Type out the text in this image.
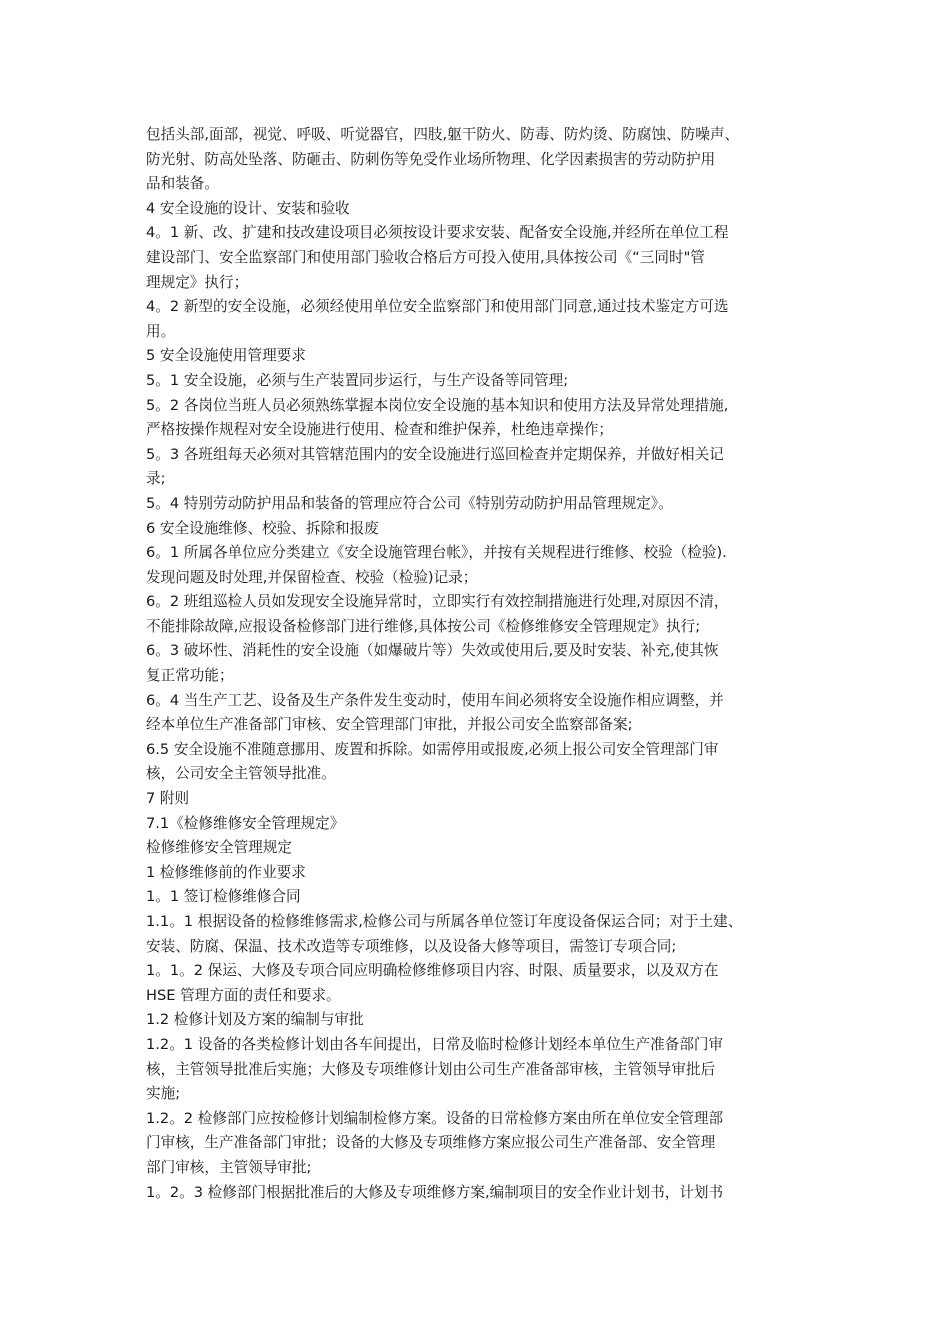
包括头部,面部，视觉、呼吸、听觉器官，四肢,躯干防火、防毒、防灼烫、防腐蚀、防噪声、
防光射、防高处坠落、防砸击、防刺伤等免受作业场所物理、化学因素损害的劳动防护用
品和装备。
4 安全设施的设计、安装和验收
4。1 新、改、扩建和技改建设项目必须按设计要求安装、配备安全设施,并经所在单位工程
建设部门、安全监察部门和使用部门验收合格后方可投入使用,具体按公司《“三同时"管
理规定》执行；
4。2 新型的安全设施，必须经使用单位安全监察部门和使用部门同意,通过技术鉴定方可选
用。
5 安全设施使用管理要求
5。1 安全设施，必须与生产装置同步运行，与生产设备等同管理;
5。2 各岗位当班人员必须熟练掌握本岗位安全设施的基本知识和使用方法及异常处理措施,
严格按操作规程对安全设施进行使用、检查和维护保养，杜绝违章操作；
5。3 各班组每天必须对其管辖范围内的安全设施进行巡回检查并定期保养，并做好相关记
录;
5。4 特别劳动防护用品和装备的管理应符合公司《特别劳动防护用品管理规定》。
6 安全设施维修、校验、拆除和报废
6。1 所属各单位应分类建立《安全设施管理台帐》，并按有关规程进行维修、校验（检验).
发现问题及时处理,并保留检查、校验（检验)记录；
6。2 班组巡检人员如发现安全设施异常时，立即实行有效控制措施进行处理,对原因不清，
不能排除故障,应报设备检修部门进行维修,具体按公司《检修维修安全管理规定》执行;
6。3 破坏性、消耗性的安全设施（如爆破片等）失效或使用后,要及时安装、补充,使其恢
复正常功能；
6。4 当生产工艺、设备及生产条件发生变动时，使用车间必须将安全设施作相应调整，并
经本单位生产准备部门审核、安全管理部门审批，并报公司安全监察部备案;
6.5 安全设施不准随意挪用、废置和拆除。如需停用或报废,必须上报公司安全管理部门审
核，公司安全主管领导批准。
7 附则
7.1《检修维修安全管理规定》
检修维修安全管理规定
1 检修维修前的作业要求
1。1 签订检修维修合同
1.1。1 根据设备的检修维修需求,检修公司与所属各单位签订年度设备保运合同；对于土建、
安装、防腐、保温、技术改造等专项维修，以及设备大修等项目，需签订专项合同;
1。1。2 保运、大修及专项合同应明确检修维修项目内容、时限、质量要求，以及双方在
HSE 管理方面的责任和要求。
1.2 检修计划及方案的编制与审批
1.2。1 设备的各类检修计划由各车间提出，日常及临时检修计划经本单位生产准备部门审
核，主管领导批准后实施；大修及专项维修计划由公司生产准备部审核，主管领导审批后
实施;
1.2。2 检修部门应按检修计划编制检修方案。设备的日常检修方案由所在单位安全管理部
门审核，生产准备部门审批；设备的大修及专项维修方案应报公司生产准备部、安全管理
部门审核，主管领导审批;
1。2。3 检修部门根据批准后的大修及专项维修方案,编制项目的安全作业计划书，计划书
